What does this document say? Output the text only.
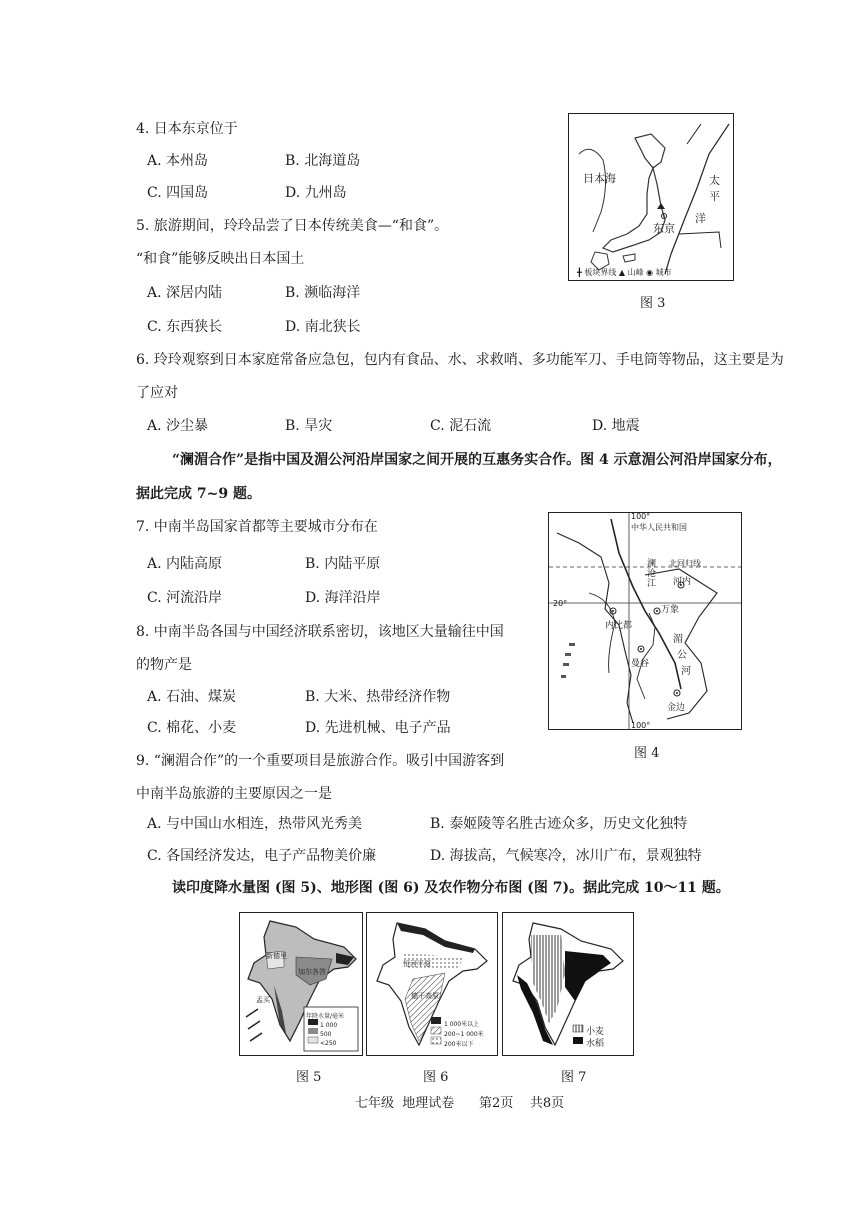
4. 日本东京位于
A. 本州岛	B. 北海道岛
C. 四国岛	D. 九州岛
5. 旅游期间，玲玲品尝了日本传统美食—“和食”。
“和食”能够反映出日本国土
A. 深居内陆	B. 濒临海洋
C. 东西狭长	D. 南北狭长
日本海
东京
太
平
洋
╋ 板块界线 ▲ 山峰 ◉ 城市
图 3
6. 玲玲观察到日本家庭常备应急包，包内有食品、水、求救哨、多功能军刀、手电筒等物品，这主要是为
了应对
A. 沙尘暴	B. 旱灾	C. 泥石流	D. 地震
“澜湄合作”是指中国及湄公河沿岸国家之间开展的互惠务实合作。图 4 示意湄公河沿岸国家分布，
据此完成 7~9 题。
7. 中南半岛国家首都等主要城市分布在
A. 内陆高原	B. 内陆平原
C. 河流沿岸	D. 海洋沿岸
8. 中南半岛各国与中国经济联系密切，该地区大量输往中国
的物产是
A. 石油、煤炭	B. 大米、热带经济作物
C. 棉花、小麦	D. 先进机械、电子产品
中华人民共和国
北回归线
100°
20°
澜
沧
江 河内
万象
内比都
曼谷
湄
公
河
金边
100°
图 4
9. “澜湄合作”的一个重要项目是旅游合作。吸引中国游客到
中南半岛旅游的主要原因之一是
A. 与中国山水相连，热带风光秀美	B. 泰姬陵等名胜古迹众多，历史文化独特
C. 各国经济发达，电子产品物美价廉	D. 海拔高，气候寒冷，冰川广布，景观独特
读印度降水量图 (图 5)、地形图 (图 6) 及农作物分布图 (图 7)。据此完成 10～11 题。
新德里
加尔各答
孟买
年降水量/毫米
1 000
500
<250
图 5
恒河平原
德干高原
1 000米以上
200~1 000米
200米以下
图 6
小麦
水稻
图 7
七年级  地理试卷      第2页    共8页
